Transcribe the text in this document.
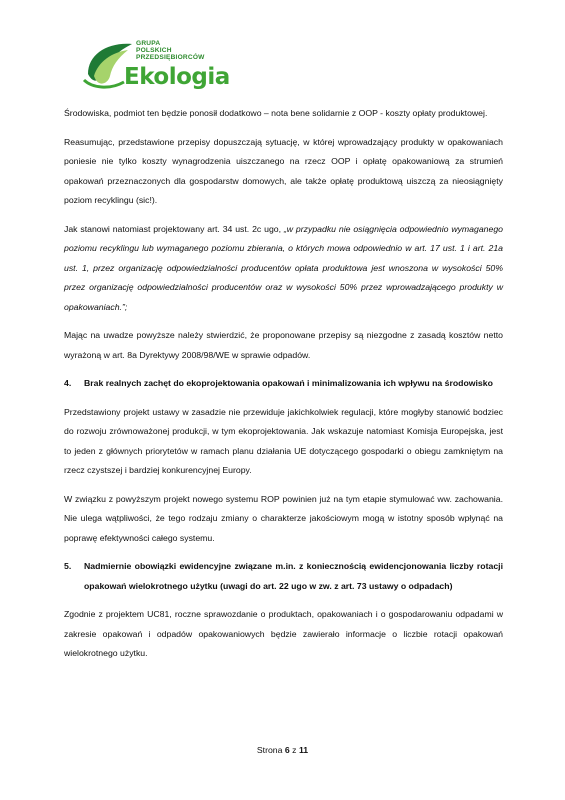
GRUPA
POLSKICH
PRZEDSIĘBIORCÓW
Ekologia

Środowiska, podmiot ten będzie ponosił dodatkowo – nota bene solidarnie z OOP - koszty opłaty produktowej.

Reasumując, przedstawione przepisy dopuszczają sytuację, w której wprowadzający produkty w opakowaniach poniesie nie tylko koszty wynagrodzenia uiszczanego na rzecz OOP i opłatę opakowaniową za strumień opakowań przeznaczonych dla gospodarstw domowych, ale także opłatę produktową uiszczą za nieosiągnięty poziom recyklingu (sic!).

Jak stanowi natomiast projektowany art. 34 ust. 2c ugo, „w przypadku nie osiągnięcia odpowiednio wymaganego poziomu recyklingu lub wymaganego poziomu zbierania, o których mowa odpowiednio w art. 17 ust. 1 i art. 21a ust. 1, przez organizację odpowiedzialności producentów opłata produktowa jest wnoszona w wysokości 50% przez organizację odpowiedzialności producentów oraz w wysokości 50% przez wprowadzającego produkty w opakowaniach.”;

Mając na uwadze powyższe należy stwierdzić, że proponowane przepisy są niezgodne z zasadą kosztów netto wyrażoną w art. 8a Dyrektywy 2008/98/WE w sprawie odpadów.

4. Brak realnych zachęt do ekoprojektowania opakowań i minimalizowania ich wpływu na środowisko

Przedstawiony projekt ustawy w zasadzie nie przewiduje jakichkolwiek regulacji, które mogłyby stanowić bodziec do rozwoju zrównoważonej produkcji, w tym ekoprojektowania. Jak wskazuje natomiast Komisja Europejska, jest to jeden z głównych priorytetów w ramach planu działania UE dotyczącego gospodarki o obiegu zamkniętym na rzecz czystszej i bardziej konkurencyjnej Europy.

W związku z powyższym projekt nowego systemu ROP powinien już na tym etapie stymulować ww. zachowania. Nie ulega wątpliwości, że tego rodzaju zmiany o charakterze jakościowym mogą w istotny sposób wpłynąć na poprawę efektywności całego systemu.

5. Nadmiernie obowiązki ewidencyjne związane m.in. z koniecznością ewidencjonowania liczby rotacji opakowań wielokrotnego użytku (uwagi do art. 22 ugo w zw. z art. 73 ustawy o odpadach)

Zgodnie z projektem UC81, roczne sprawozdanie o produktach, opakowaniach i o gospodarowaniu odpadami w zakresie opakowań i odpadów opakowaniowych będzie zawierało informacje o liczbie rotacji opakowań wielokrotnego użytku.

Strona 6 z 11
